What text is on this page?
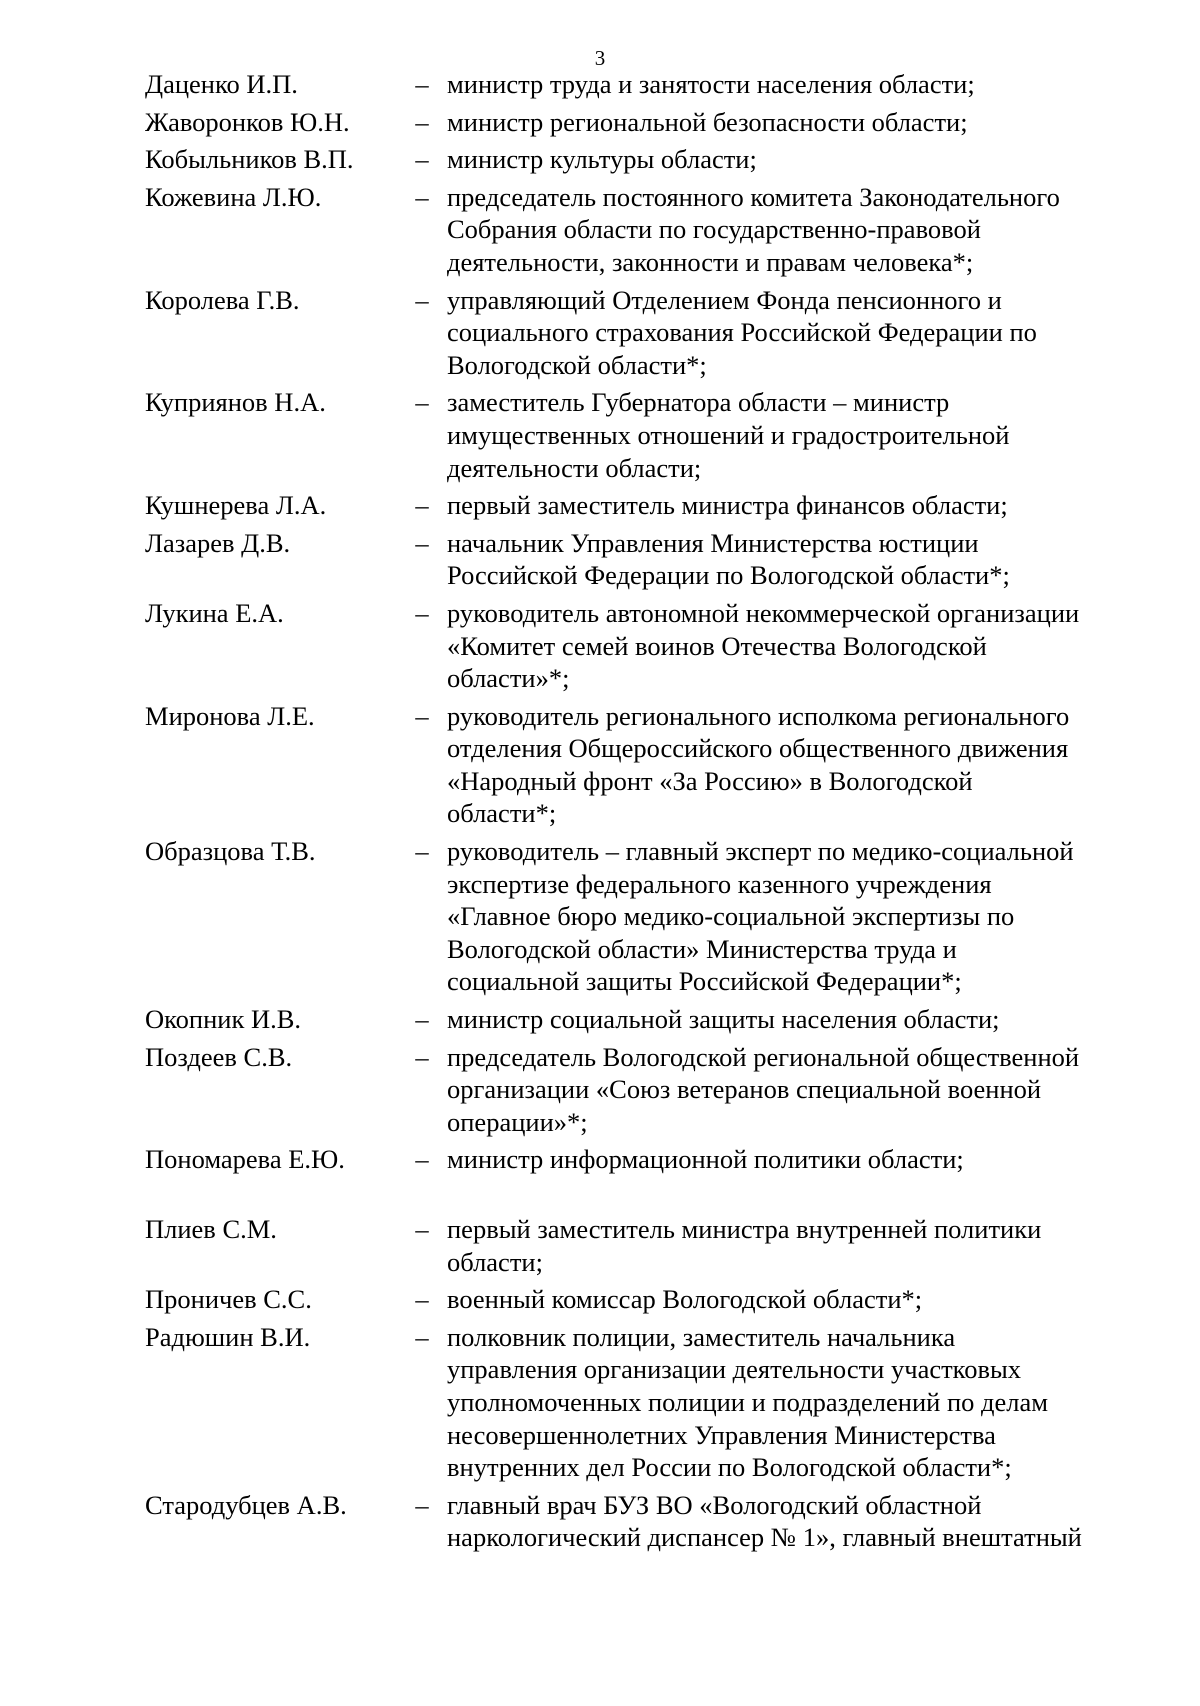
3
Даценко И.П.	– министр труда и занятости населения области;
Жаворонков Ю.Н.	– министр региональной безопасности области;
Кобыльников В.П.	– министр культуры области;
Кожевина Л.Ю.	– председатель постоянного комитета Законодательного
Собрания области по государственно-правовой
деятельности, законности и правам человека*;
Королева Г.В.	– управляющий Отделением Фонда пенсионного и
социального страхования Российской Федерации по
Вологодской области*;
Куприянов Н.А.	– заместитель Губернатора области – министр
имущественных отношений и градостроительной
деятельности области;
Кушнерева Л.А.	– первый заместитель министра финансов области;
Лазарев Д.В.	– начальник Управления Министерства юстиции
Российской Федерации по Вологодской области*;
Лукина Е.А.	– руководитель автономной некоммерческой организации
«Комитет семей воинов Отечества Вологодской
области»*;
Миронова Л.Е.	– руководитель регионального исполкома регионального
отделения Общероссийского общественного движения
«Народный фронт «За Россию» в Вологодской
области*;
Образцова Т.В.	– руководитель – главный эксперт по медико-социальной
экспертизе федерального казенного учреждения
«Главное бюро медико-социальной экспертизы по
Вологодской области» Министерства труда и
социальной защиты Российской Федерации*;
Окопник И.В.	– министр социальной защиты населения области;
Поздеев С.В.	– председатель Вологодской региональной общественной
организации «Союз ветеранов специальной военной
операции»*;
Пономарева Е.Ю.	– министр информационной политики области;
Плиев С.М.	– первый заместитель министра внутренней политики
области;
Проничев С.С.	– военный комиссар Вологодской области*;
Радюшин В.И.	– полковник полиции, заместитель начальника
управления организации деятельности участковых
уполномоченных полиции и подразделений по делам
несовершеннолетних Управления Министерства
внутренних дел России по Вологодской области*;
Стародубцев А.В.	– главный врач БУЗ ВО «Вологодский областной
наркологический диспансер № 1», главный внештатный
